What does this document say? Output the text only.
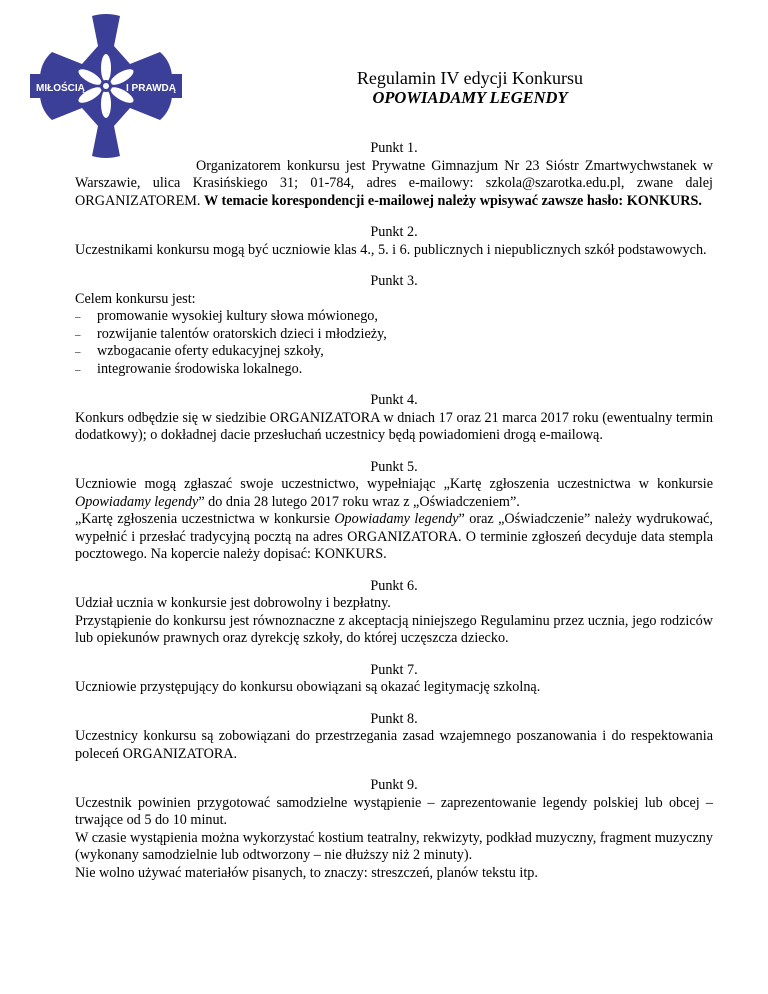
MIŁOŚCIĄ	I PRAWDĄ
Regulamin IV edycji Konkursu
OPOWIADAMY LEGENDY

Punkt 1.

Organizatorem konkursu jest Prywatne Gimnazjum Nr 23 Sióstr Zmartwychwstanek w Warszawie, ulica Krasińskiego 31; 01-784, adres e-mailowy: szkola@szarotka.edu.pl, zwane dalej ORGANIZATOREM. W temacie korespondencji e-mailowej należy wpisywać zawsze hasło: KONKURS.

Punkt 2.

Uczestnikami konkursu mogą być uczniowie klas 4., 5. i 6. publicznych i niepublicznych szkół podstawowych.

Punkt 3.

Celem konkursu jest:

– promowanie wysokiej kultury słowa mówionego,
– rozwijanie talentów oratorskich dzieci i młodzieży,
– wzbogacanie oferty edukacyjnej szkoły,
– integrowanie środowiska lokalnego.

Punkt 4.

Konkurs odbędzie się w siedzibie ORGANIZATORA w dniach 17 oraz 21 marca 2017 roku (ewentualny termin dodatkowy); o dokładnej dacie przesłuchań uczestnicy będą powiadomieni drogą e-mailową.

Punkt 5.

Uczniowie mogą zgłaszać swoje uczestnictwo, wypełniając „Kartę zgłoszenia uczestnictwa w konkursie Opowiadamy legendy” do dnia 28 lutego 2017 roku wraz z „Oświadczeniem”.

„Kartę zgłoszenia uczestnictwa w konkursie Opowiadamy legendy” oraz „Oświadczenie” należy wydrukować, wypełnić i przesłać tradycyjną pocztą na adres ORGANIZATORA. O terminie zgłoszeń decyduje data stempla pocztowego. Na kopercie należy dopisać: KONKURS.

Punkt 6.

Udział ucznia w konkursie jest dobrowolny i bezpłatny.

Przystąpienie do konkursu jest równoznaczne z akceptacją niniejszego Regulaminu przez ucznia, jego rodziców lub opiekunów prawnych oraz dyrekcję szkoły, do której uczęszcza dziecko.

Punkt 7.

Uczniowie przystępujący do konkursu obowiązani są okazać legitymację szkolną.

Punkt 8.

Uczestnicy konkursu są zobowiązani do przestrzegania zasad wzajemnego poszanowania i do respektowania poleceń ORGANIZATORA.

Punkt 9.

Uczestnik powinien przygotować samodzielne wystąpienie – zaprezentowanie legendy polskiej lub obcej – trwające od 5 do 10 minut.

W czasie wystąpienia można wykorzystać kostium teatralny, rekwizyty, podkład muzyczny, fragment muzyczny (wykonany samodzielnie lub odtworzony – nie dłuższy niż 2 minuty).

Nie wolno używać materiałów pisanych, to znaczy: streszczeń, planów tekstu itp.
